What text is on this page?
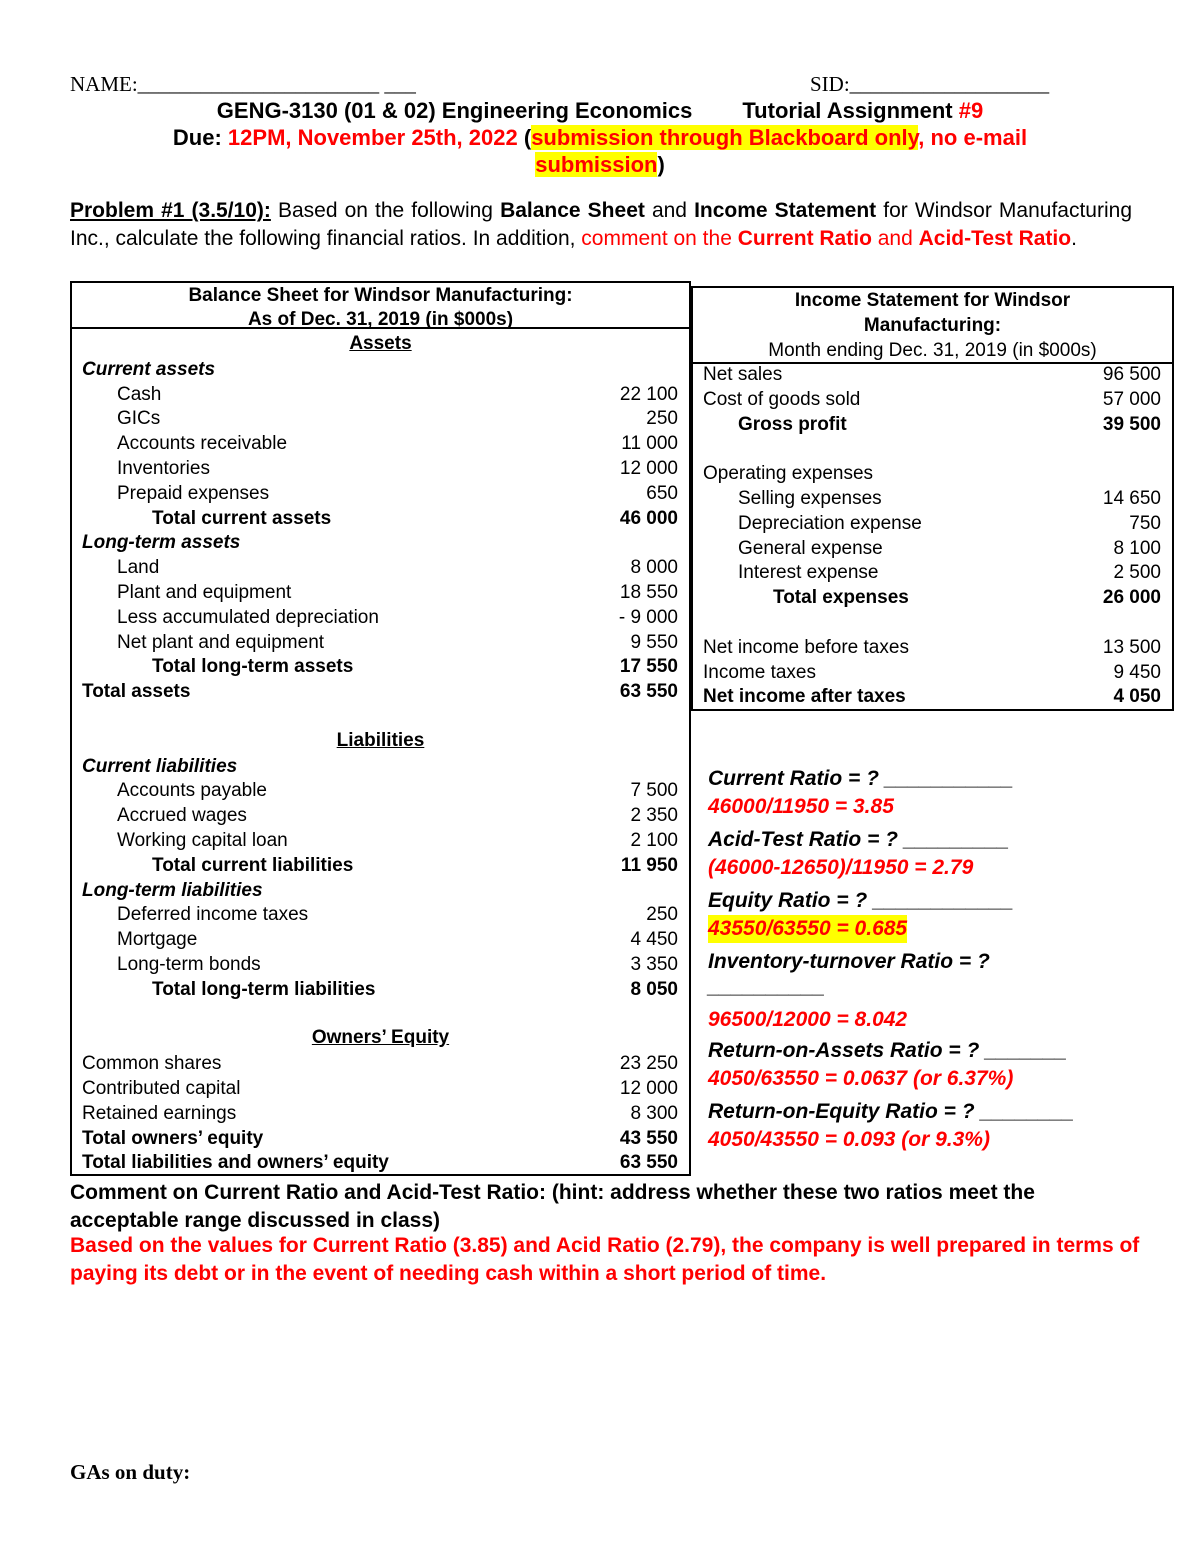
NAME:_______________________ ___	SID:___________________
GENG-3130 (01 & 02) Engineering Economics Tutorial Assignment #9
Due: 12PM, November 25th, 2022 (submission through Blackboard only, no e-mail
submission)
Problem #1 (3.5/10): Based on the following Balance Sheet and Income Statement for Windsor Manufacturing Inc., calculate the following financial ratios. In addition, comment on the Current Ratio and Acid-Test Ratio.
Balance Sheet for Windsor Manufacturing:
As of Dec. 31, 2019 (in $000s)
Assets
Current assets
Cash	22 100
GICs	250
Accounts receivable	11 000
Inventories	12 000
Prepaid expenses	650
Total current assets	46 000
Long-term assets
Land	8 000
Plant and equipment	18 550
Less accumulated depreciation	- 9 000
Net plant and equipment	9 550
Total long-term assets	17 550
Total assets	63 550
Liabilities
Current liabilities
Accounts payable	7 500
Accrued wages	2 350
Working capital loan	2 100
Total current liabilities	11 950
Long-term liabilities
Deferred income taxes	250
Mortgage	4 450
Long-term bonds	3 350
Total long-term liabilities	8 050
Owners’ Equity
Common shares	23 250
Contributed capital	12 000
Retained earnings	8 300
Total owners’ equity	43 550
Total liabilities and owners’ equity	63 550
Income Statement for Windsor
Manufacturing:
Month ending Dec. 31, 2019 (in $000s)
Net sales	96 500
Cost of goods sold	57 000
Gross profit	39 500
Operating expenses
Selling expenses	14 650
Depreciation expense	750
General expense	8 100
Interest expense	2 500
Total expenses	26 000
Net income before taxes	13 500
Income taxes	9 450
Net income after taxes	4 050
Current Ratio = ? ___________
46000/11950 = 3.85
Acid-Test Ratio = ? _________
(46000-12650)/11950 = 2.79
Equity Ratio = ? ____________
43550/63550 = 0.685
Inventory-turnover Ratio = ?
__________
96500/12000 = 8.042
Return-on-Assets Ratio = ? _______
4050/63550 = 0.0637 (or 6.37%)
Return-on-Equity Ratio = ? ________
4050/43550 = 0.093 (or 9.3%)
Comment on Current Ratio and Acid-Test Ratio: (hint: address whether these two ratios meet the acceptable range discussed in class)
Based on the values for Current Ratio (3.85) and Acid Ratio (2.79), the company is well prepared in terms of paying its debt or in the event of needing cash within a short period of time.
GAs on duty:
